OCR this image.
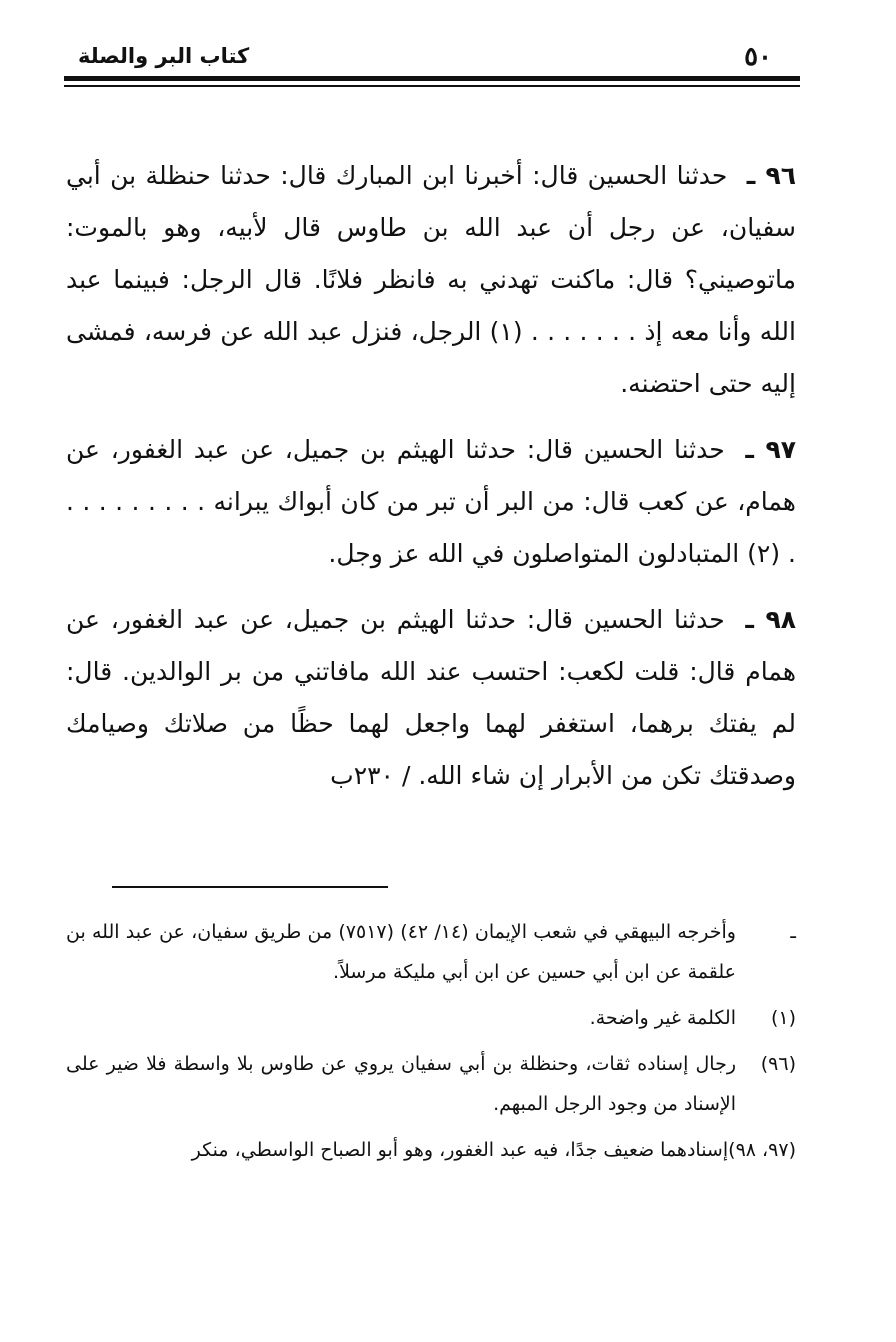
٥٠
كتاب البر والصلة

٩٦ ـ حدثنا الحسين قال: أخبرنا ابن المبارك قال: حدثنا حنظلة بن أبي سفيان، عن رجل أن عبد الله بن طاوس قال لأبيه، وهو بالموت: ماتوصيني؟ قال: ماكنت تهدني به فانظر فلانًا. قال الرجل: فبينما عبد الله وأنا معه إذ . . . . . . . (١) الرجل، فنزل عبد الله عن فرسه، فمشى إليه حتى احتضنه.

٩٧ ـ حدثنا الحسين قال: حدثنا الهيثم بن جميل، عن عبد الغفور، عن همام، عن كعب قال: من البر أن تبر من كان أبواك يبرانه . . . . . . . . . . (٢) المتبادلون المتواصلون في الله عز وجل.

٩٨ ـ حدثنا الحسين قال: حدثنا الهيثم بن جميل، عن عبد الغفور، عن همام قال: قلت لكعب: احتسب عند الله مافاتني من بر الوالدين. قال: لم يفتك برهما، استغفر لهما واجعل لهما حظًا من صلاتك وصيامك وصدقتك تكن من الأبرار إن شاء الله. / ٢٣٠ب

ـ
وأخرجه البيهقي في شعب الإيمان (١٤/ ٤٢) (٧٥١٧) من طريق سفيان، عن عبد الله بن علقمة عن ابن أبي حسين عن ابن أبي مليكة مرسلاً.
(١)
الكلمة غير واضحة.
(٩٦)
رجال إسناده ثقات، وحنظلة بن أبي سفيان يروي عن طاوس بلا واسطة فلا ضير على الإسناد من وجود الرجل المبهم.
(٩٧، ٩٨)
إسنادهما ضعيف جدًا، فيه عبد الغفور، وهو أبو الصباح الواسطي، منكر
